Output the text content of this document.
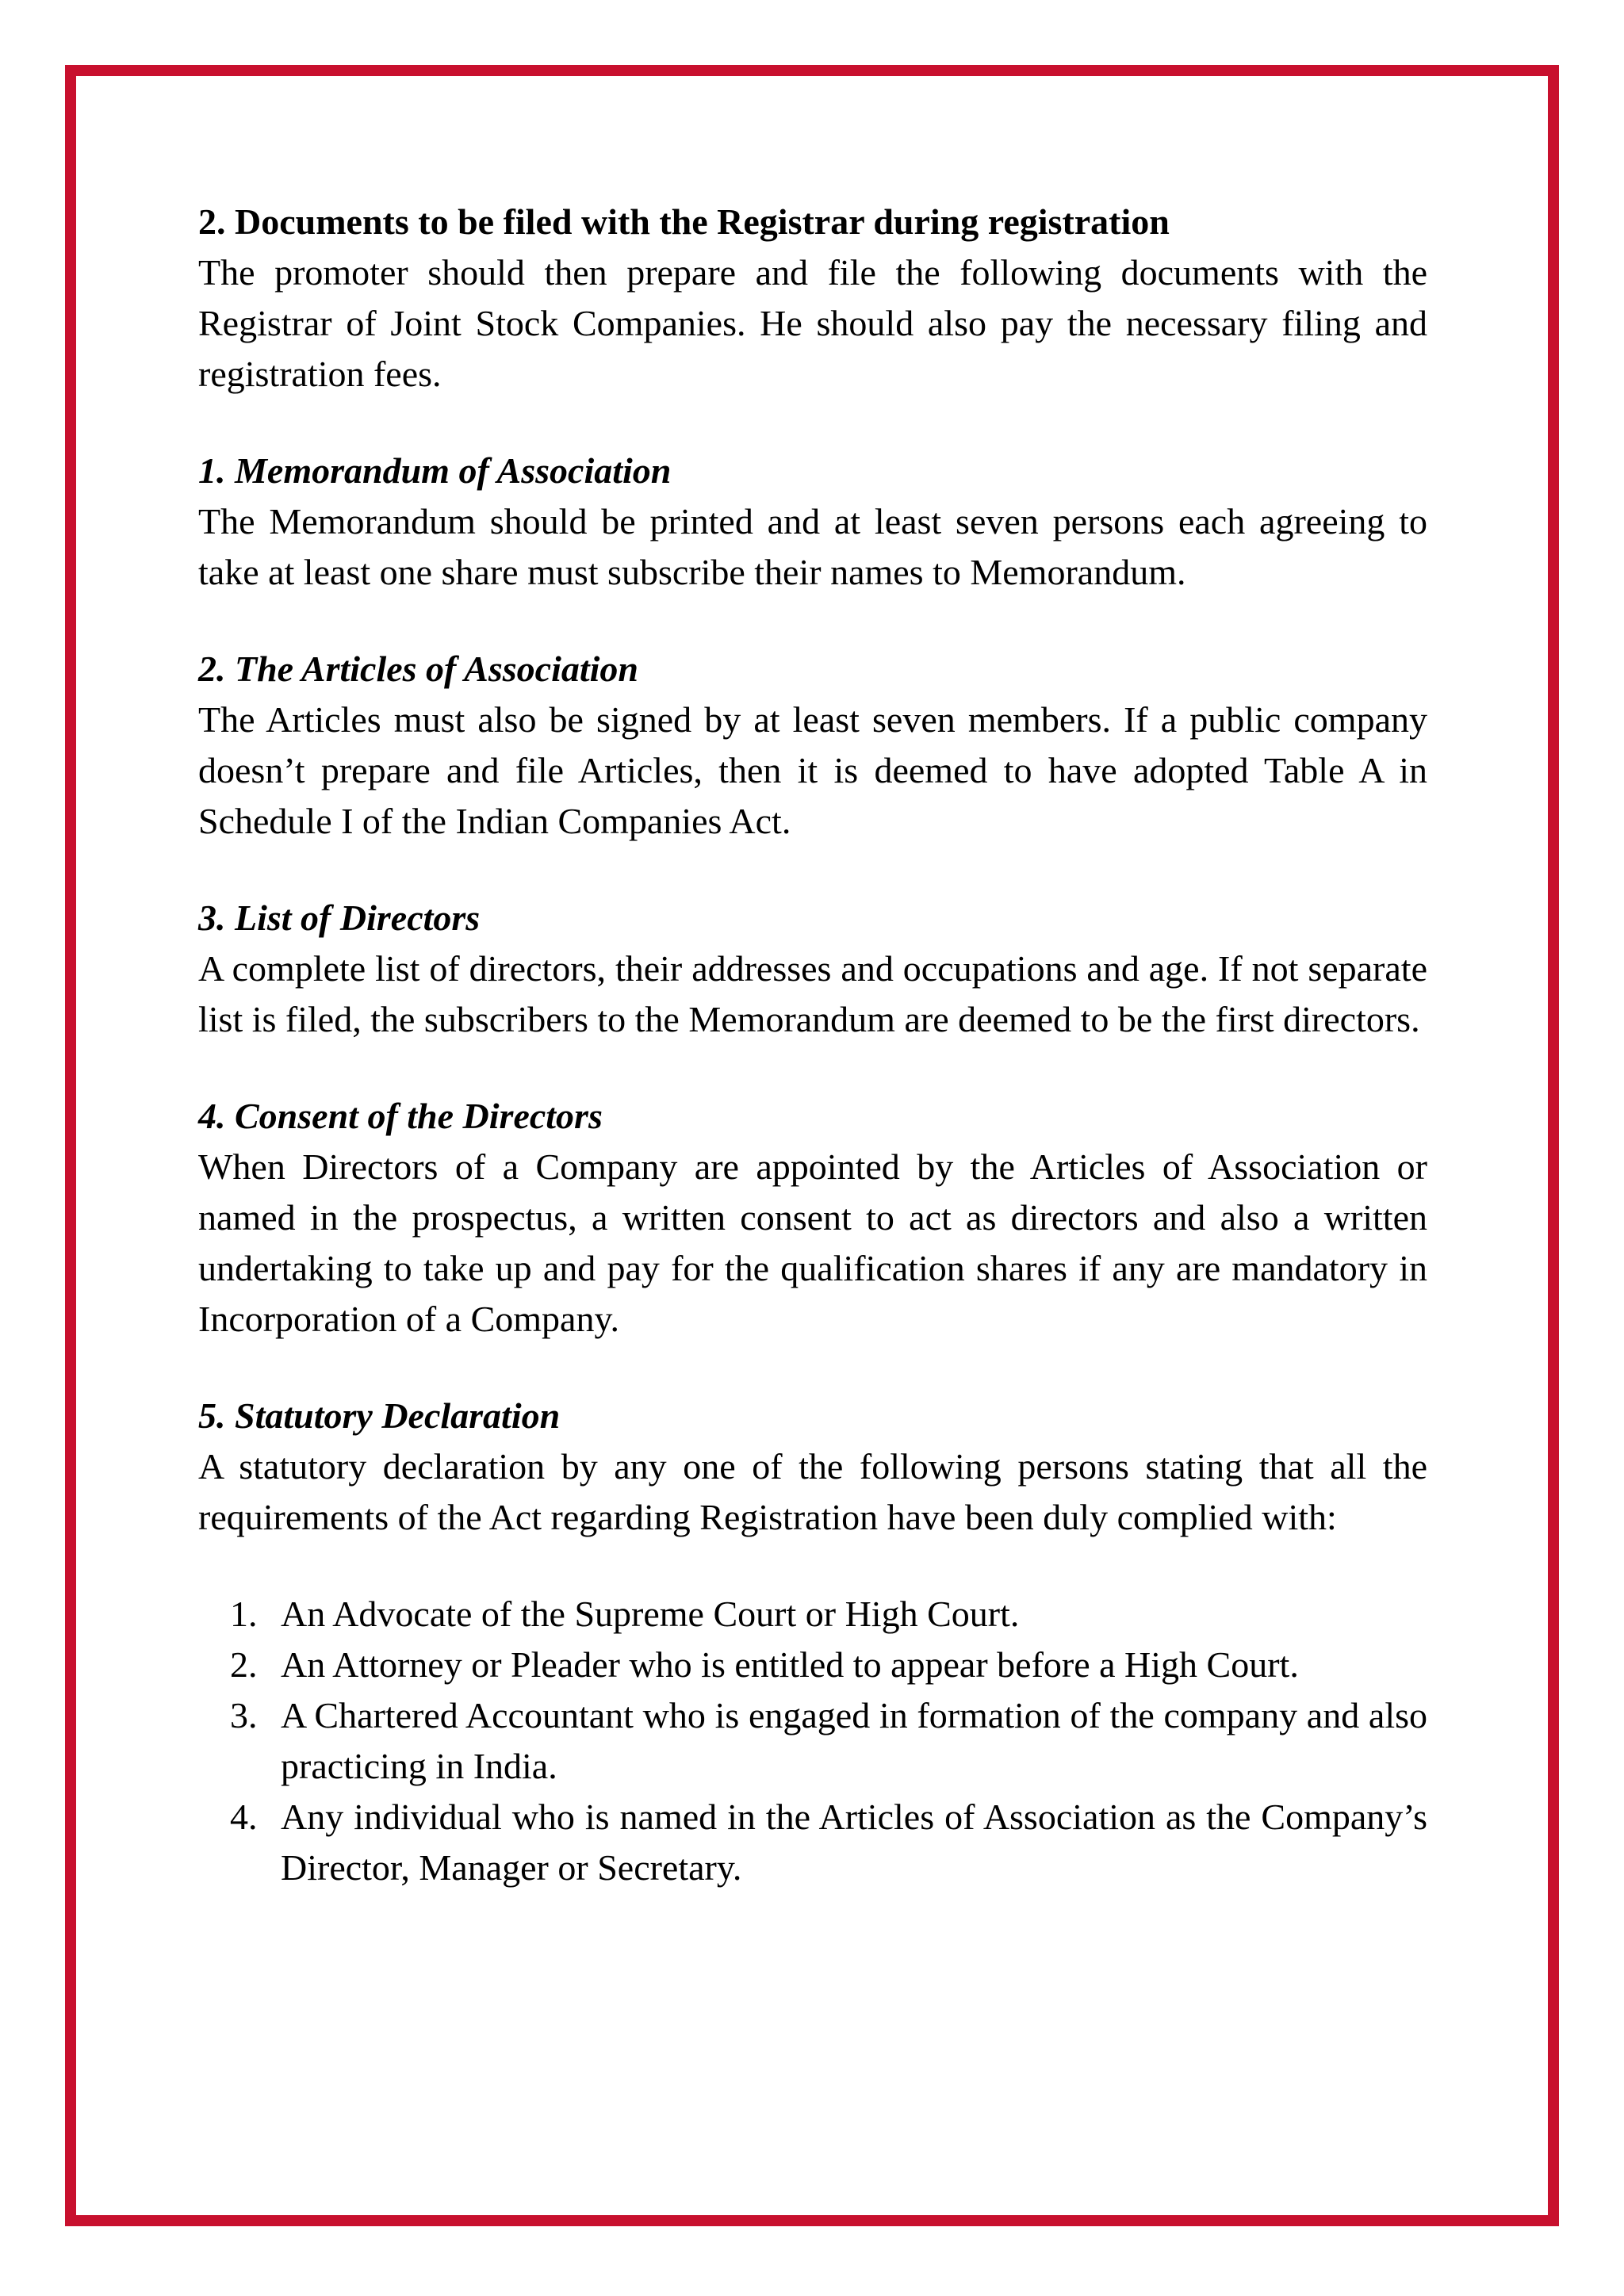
2. Documents to be filed with the Registrar during registration

The promoter should then prepare and file the following documents with the Registrar of Joint Stock Companies. He should also pay the necessary filing and registration fees.

1. Memorandum of Association

The Memorandum should be printed and at least seven persons each agreeing to take at least one share must subscribe their names to Memorandum.

2. The Articles of Association

The Articles must also be signed by at least seven members. If a public company doesn’t prepare and file Articles, then it is deemed to have adopted Table A in Schedule I of the Indian Companies Act.

3. List of Directors

A complete list of directors, their addresses and occupations and age. If not separate list is filed, the subscribers to the Memorandum are deemed to be the first directors.

4. Consent of the Directors

When Directors of a Company are appointed by the Articles of Association or named in the prospectus, a written consent to act as directors and also a written undertaking to take up and pay for the qualification shares if any are mandatory in Incorporation of a Company.

5. Statutory Declaration

A statutory declaration by any one of the following persons stating that all the requirements of the Act regarding Registration have been duly complied with:

1. An Advocate of the Supreme Court or High Court.
2. An Attorney or Pleader who is entitled to appear before a High Court.
3. A Chartered Accountant who is engaged in formation of the company and also practicing in India.
4. Any individual who is named in the Articles of Association as the Company’s Director, Manager or Secretary.
